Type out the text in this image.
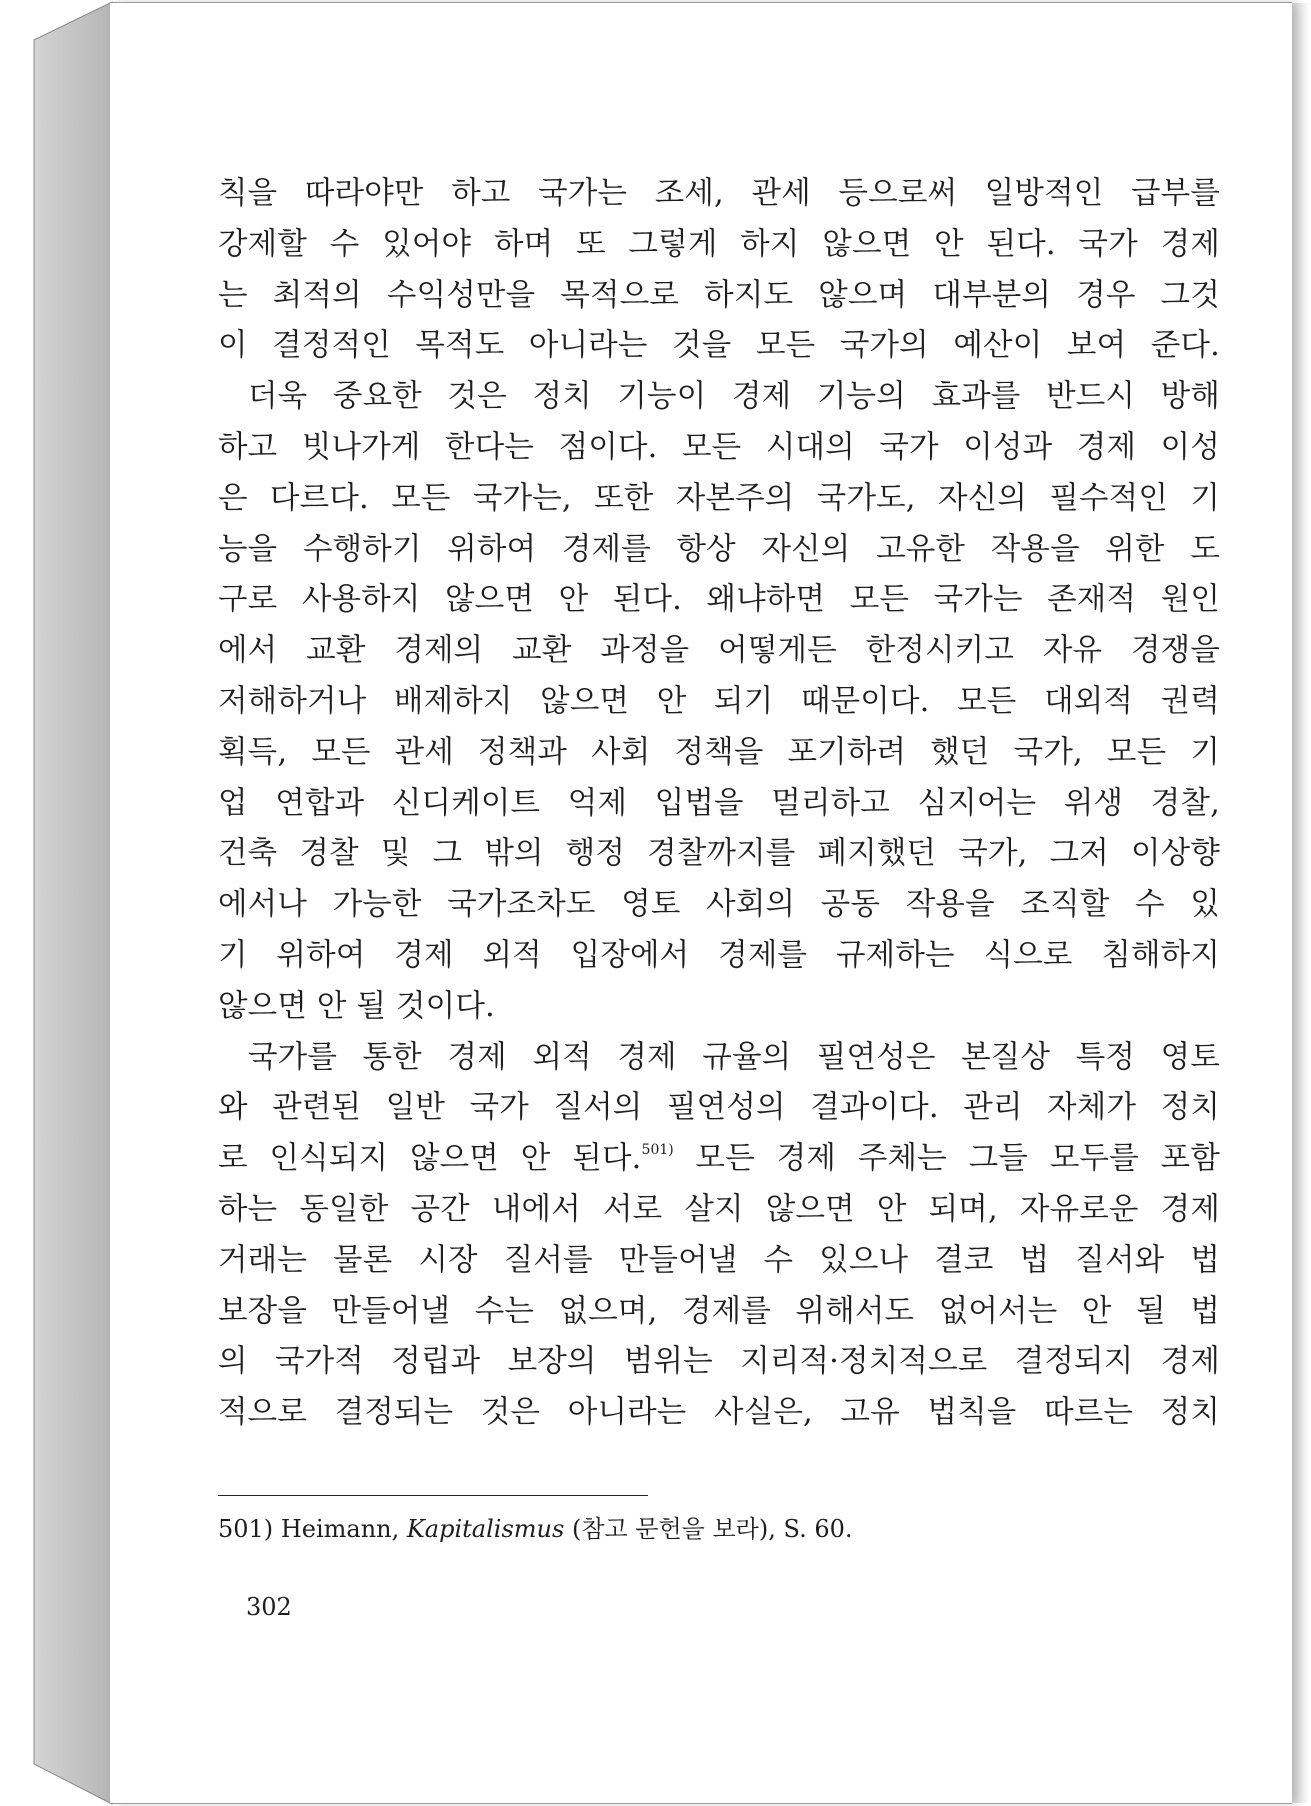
칙을 따라야만 하고 국가는 조세, 관세 등으로써 일방적인 급부를
강제할 수 있어야 하며 또 그렇게 하지 않으면 안 된다. 국가 경제
는 최적의 수익성만을 목적으로 하지도 않으며 대부분의 경우 그것
이 결정적인 목적도 아니라는 것을 모든 국가의 예산이 보여 준다.
더욱 중요한 것은 정치 기능이 경제 기능의 효과를 반드시 방해
하고 빗나가게 한다는 점이다. 모든 시대의 국가 이성과 경제 이성
은 다르다. 모든 국가는, 또한 자본주의 국가도, 자신의 필수적인 기
능을 수행하기 위하여 경제를 항상 자신의 고유한 작용을 위한 도
구로 사용하지 않으면 안 된다. 왜냐하면 모든 국가는 존재적 원인
에서 교환 경제의 교환 과정을 어떻게든 한정시키고 자유 경쟁을
저해하거나 배제하지 않으면 안 되기 때문이다. 모든 대외적 권력
획득, 모든 관세 정책과 사회 정책을 포기하려 했던 국가, 모든 기
업 연합과 신디케이트 억제 입법을 멀리하고 심지어는 위생 경찰,
건축 경찰 및 그 밖의 행정 경찰까지를 폐지했던 국가, 그저 이상향
에서나 가능한 국가조차도 영토 사회의 공동 작용을 조직할 수 있
기 위하여 경제 외적 입장에서 경제를 규제하는 식으로 침해하지
않으면 안 될 것이다.
국가를 통한 경제 외적 경제 규율의 필연성은 본질상 특정 영토
와 관련된 일반 국가 질서의 필연성의 결과이다. 관리 자체가 정치
로 인식되지 않으면 안 된다.$^{501)}$ 모든 경제 주체는 그들 모두를 포함
하는 동일한 공간 내에서 서로 살지 않으면 안 되며, 자유로운 경제
거래는 물론 시장 질서를 만들어낼 수 있으나 결코 법 질서와 법
보장을 만들어낼 수는 없으며, 경제를 위해서도 없어서는 안 될 법
의 국가적 정립과 보장의 범위는 지리적·정치적으로 결정되지 경제
적으로 결정되는 것은 아니라는 사실은, 고유 법칙을 따르는 정치
501) Heimann, Kapitalismus (참고 문헌을 보라), S. 60.
302
